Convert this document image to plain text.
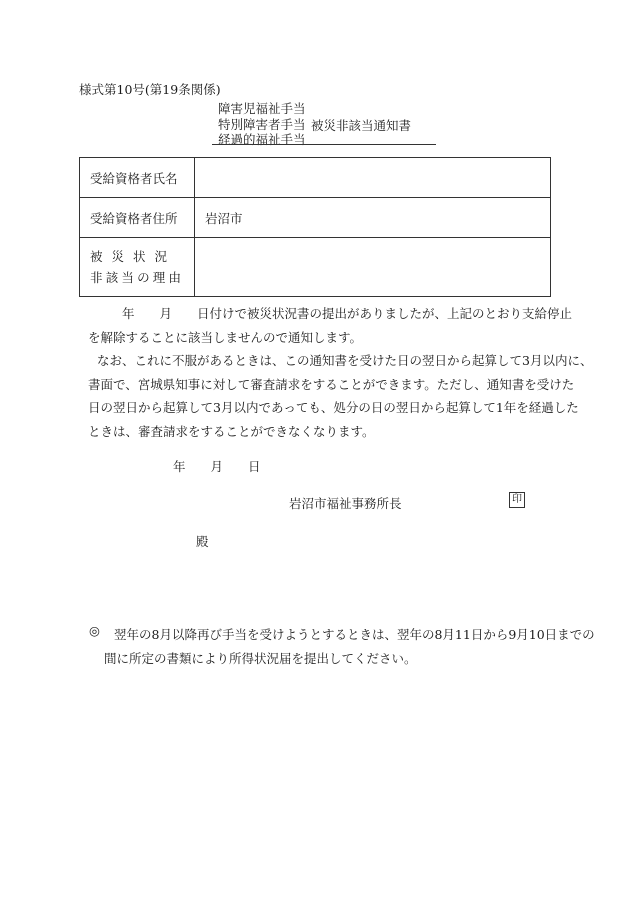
様式第10号(第19条関係)
障害児福祉手当
特別障害者手当
経過的福祉手当
被災非該当通知書
受給資格者氏名	
受給資格者住所	岩沼市

被災状況
非該当の理由	

年　　月　　日付けで被災状況書の提出がありましたが、上記のとおり支給停止

を解除することに該当しませんので通知します。

なお、これに不服があるときは、この通知書を受けた日の翌日から起算して3月以内に、

書面で、宮城県知事に対して審査請求をすることができます。ただし、通知書を受けた

日の翌日から起算して3月以内であっても、処分の日の翌日から起算して1年を経過した

ときは、審査請求をすることができなくなります。

年　　月　　日
岩沼市福祉事務所長	印
殿
◎	翌年の8月以降再び手当を受けようとするときは、翌年の8月11日から9月10日までの

間に所定の書類により所得状況届を提出してください。
